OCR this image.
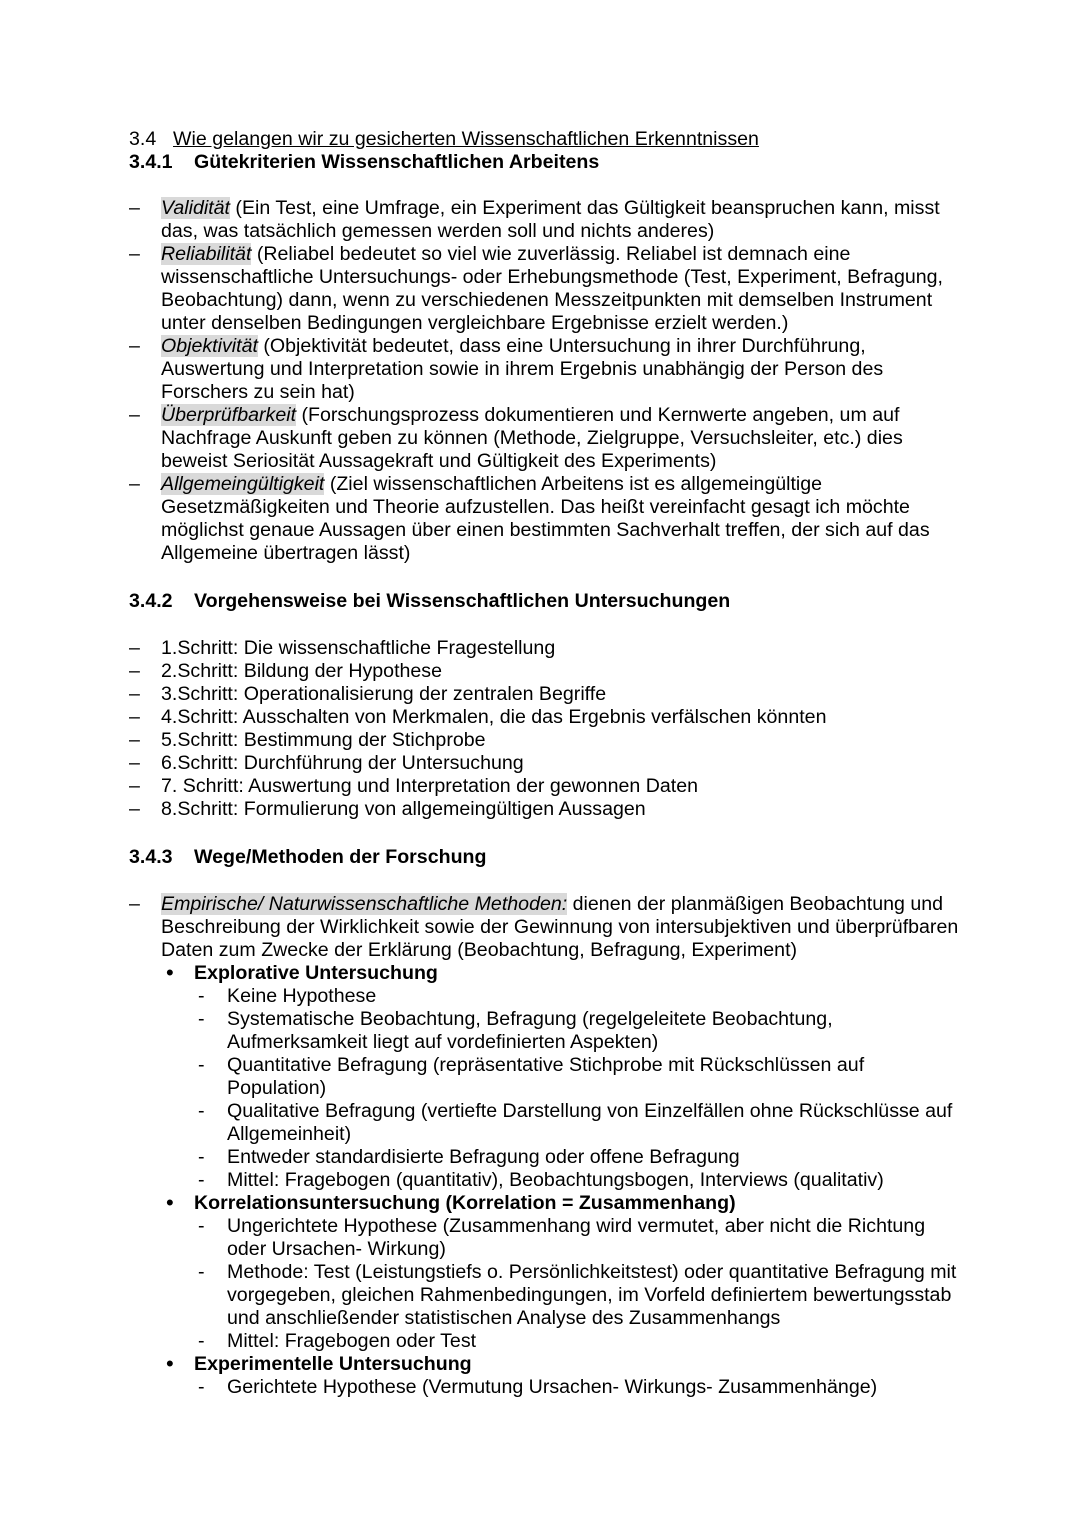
3.4 Wie gelangen wir zu gesicherten Wissenschaftlichen Erkenntnissen
3.4.1 Gütekriterien Wissenschaftlichen Arbeitens
– Validität (Ein Test, eine Umfrage, ein Experiment das Gültigkeit beanspruchen kann, misst das, was tatsächlich gemessen werden soll und nichts anderes)
– Reliabilität (Reliabel bedeutet so viel wie zuverlässig. Reliabel ist demnach eine wissenschaftliche Untersuchungs- oder Erhebungsmethode (Test, Experiment, Befragung, Beobachtung) dann, wenn zu verschiedenen Messzeitpunkten mit demselben Instrument unter denselben Bedingungen vergleichbare Ergebnisse erzielt werden.)
– Objektivität (Objektivität bedeutet, dass eine Untersuchung in ihrer Durchführung, Auswertung und Interpretation sowie in ihrem Ergebnis unabhängig der Person des Forschers zu sein hat)
– Überprüfbarkeit (Forschungsprozess dokumentieren und Kernwerte angeben, um auf Nachfrage Auskunft geben zu können (Methode, Zielgruppe, Versuchsleiter, etc.) dies beweist Seriosität Aussagekraft und Gültigkeit des Experiments)
– Allgemeingültigkeit (Ziel wissenschaftlichen Arbeitens ist es allgemeingültige Gesetzmäßigkeiten und Theorie aufzustellen. Das heißt vereinfacht gesagt ich möchte möglichst genaue Aussagen über einen bestimmten Sachverhalt treffen, der sich auf das Allgemeine übertragen lässt)
3.4.2 Vorgehensweise bei Wissenschaftlichen Untersuchungen
– 1.Schritt: Die wissenschaftliche Fragestellung
– 2.Schritt: Bildung der Hypothese
– 3.Schritt: Operationalisierung der zentralen Begriffe
– 4.Schritt: Ausschalten von Merkmalen, die das Ergebnis verfälschen könnten
– 5.Schritt: Bestimmung der Stichprobe
– 6.Schritt: Durchführung der Untersuchung
– 7. Schritt: Auswertung und Interpretation der gewonnen Daten
– 8.Schritt: Formulierung von allgemeingültigen Aussagen
3.4.3 Wege/Methoden der Forschung
– Empirische/ Naturwissenschaftliche Methoden: dienen der planmäßigen Beobachtung und Beschreibung der Wirklichkeit sowie der Gewinnung von intersubjektiven und überprüfbaren Daten zum Zwecke der Erklärung (Beobachtung, Befragung, Experiment)
• Explorative Untersuchung
- Keine Hypothese
- Systematische Beobachtung, Befragung (regelgeleitete Beobachtung, Aufmerksamkeit liegt auf vordefinierten Aspekten)
- Quantitative Befragung (repräsentative Stichprobe mit Rückschlüssen auf Population)
- Qualitative Befragung (vertiefte Darstellung von Einzelfällen ohne Rückschlüsse auf Allgemeinheit)
- Entweder standardisierte Befragung oder offene Befragung
- Mittel: Fragebogen (quantitativ), Beobachtungsbogen, Interviews (qualitativ)
• Korrelationsuntersuchung (Korrelation = Zusammenhang)
- Ungerichtete Hypothese (Zusammenhang wird vermutet, aber nicht die Richtung oder Ursachen- Wirkung)
- Methode: Test (Leistungstiefs o. Persönlichkeitstest) oder quantitative Befragung mit vorgegeben, gleichen Rahmenbedingungen, im Vorfeld definiertem bewertungsstab und anschließender statistischen Analyse des Zusammenhangs
- Mittel: Fragebogen oder Test
• Experimentelle Untersuchung
- Gerichtete Hypothese (Vermutung Ursachen- Wirkungs- Zusammenhänge)
